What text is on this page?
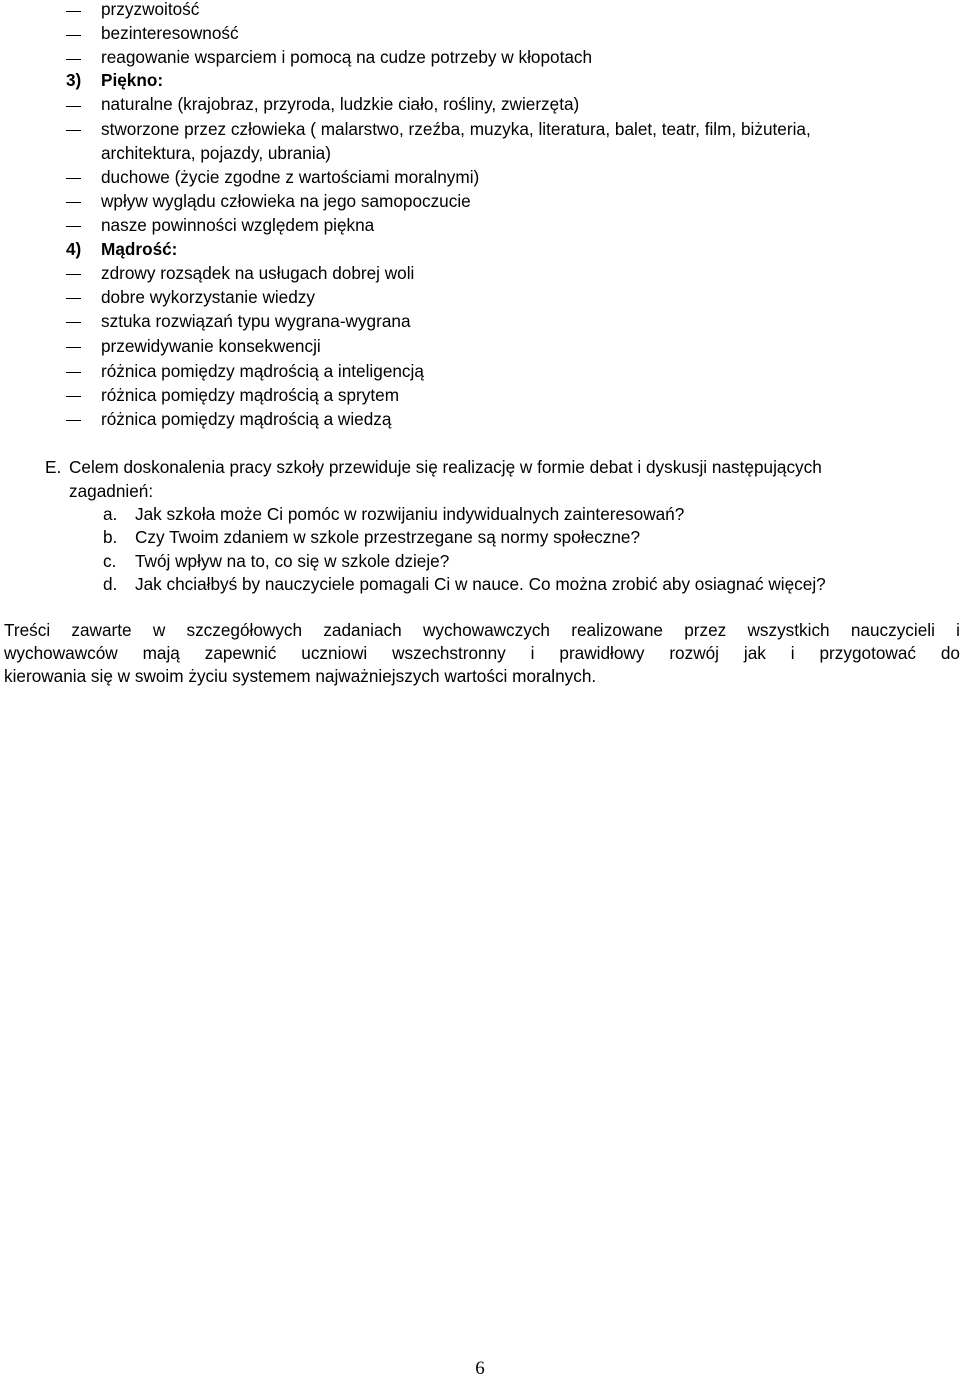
przyzwoitość
bezinteresowność
reagowanie wsparciem i pomocą na cudze potrzeby w kłopotach
3) Piękno:
naturalne (krajobraz, przyroda, ludzkie ciało, rośliny, zwierzęta)
stworzone przez człowieka ( malarstwo, rzeźba, muzyka, literatura, balet, teatr, film, biżuteria,
architektura, pojazdy, ubrania)
duchowe (życie zgodne z wartościami moralnymi)
wpływ wyglądu człowieka na jego samopoczucie
nasze powinności względem piękna
4) Mądrość:
zdrowy rozsądek na usługach dobrej woli
dobre wykorzystanie wiedzy
sztuka rozwiązań typu wygrana-wygrana
przewidywanie konsekwencji
różnica pomiędzy mądrością a inteligencją
różnica pomiędzy mądrością a sprytem
różnica pomiędzy mądrością a wiedzą
E. Celem doskonalenia pracy szkoły przewiduje się realizację w formie debat i dyskusji następujących
zagadnień:
a. Jak szkoła może Ci pomóc w rozwijaniu indywidualnych zainteresowań?
b. Czy Twoim zdaniem w szkole przestrzegane są normy społeczne?
c. Twój wpływ na to, co się w szkole dzieje?
d. Jak chciałbyś by nauczyciele pomagali Ci w nauce. Co można zrobić aby osiagnać więcej?
Treści zawarte w szczegółowych zadaniach wychowawczych realizowane przez wszystkich nauczycieli i
wychowawców mają zapewnić uczniowi wszechstronny i prawidłowy rozwój jak i przygotować do
kierowania się w swoim życiu systemem najważniejszych wartości moralnych.
6
